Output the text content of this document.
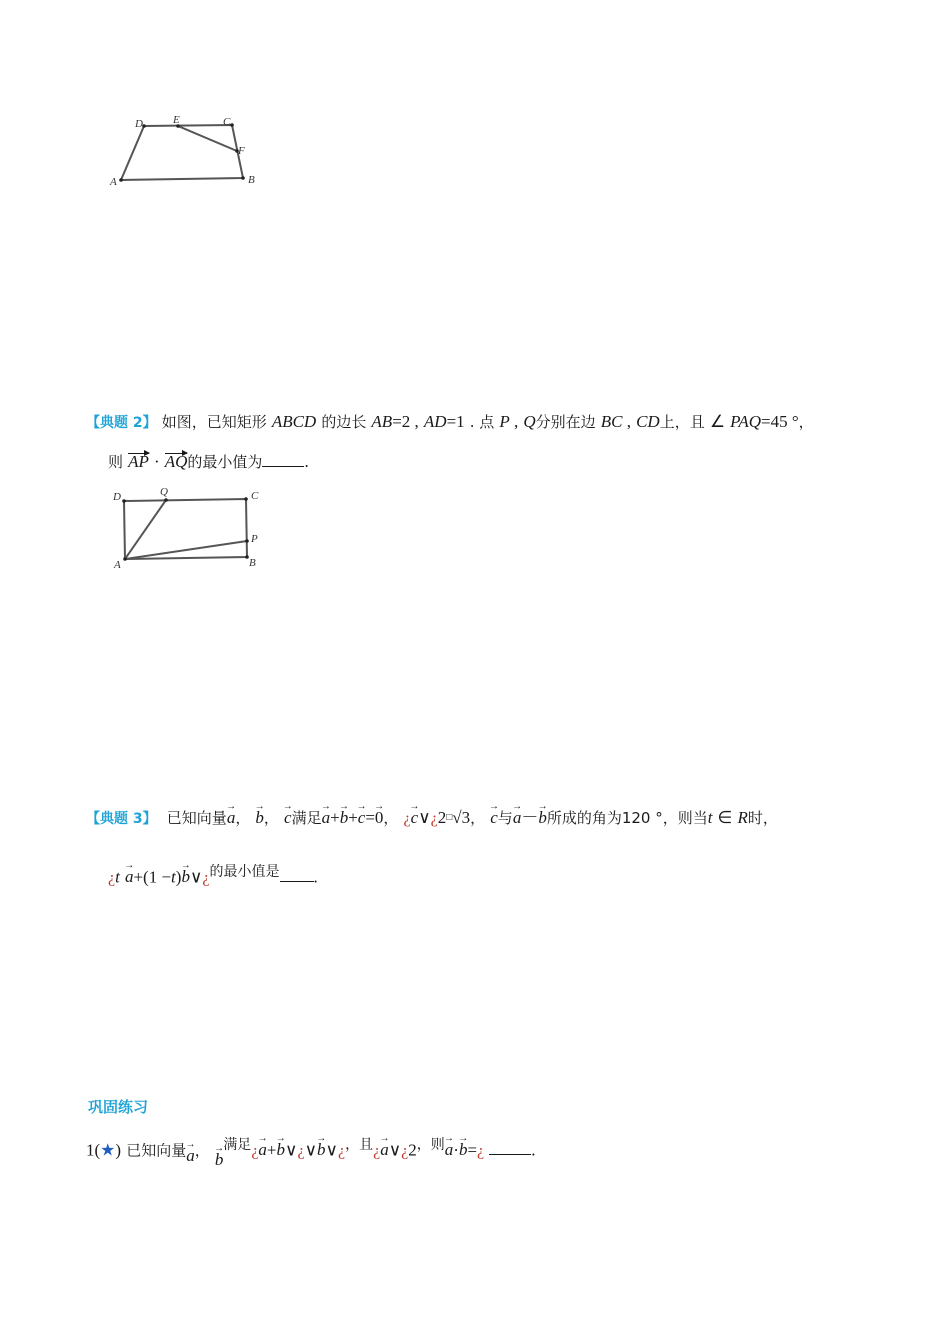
A	B
C
D	E
F
【典题 2】 如图，已知矩形 ABCD 的边长 AB=2 , AD=1 . 点 P , Q分别在边 BC , CD上，且 ∠ PAQ=45 °，
则 AP · AQ的最小值为 .
A	B
C
D	Q
P
【典题 3】 已知向量→ a， → b， → c满足→ a+→ b+→ c=→ 0， ¿→ c∨¿2□√3， → c与→ a－→ b所成的角为120 °，则当t ∈ R时，
¿t → a+(1 −t)→ b∨¿$^{的最小值是}$ .
巩固练习
1(★) 已知向量→ a， → $b^{满足}¿\to a+\to$ b∨¿∨→ b∨¿$^{,且}$¿→ $a\vee¿2^{,则}\to a\cdot\to$ b=¿	.
